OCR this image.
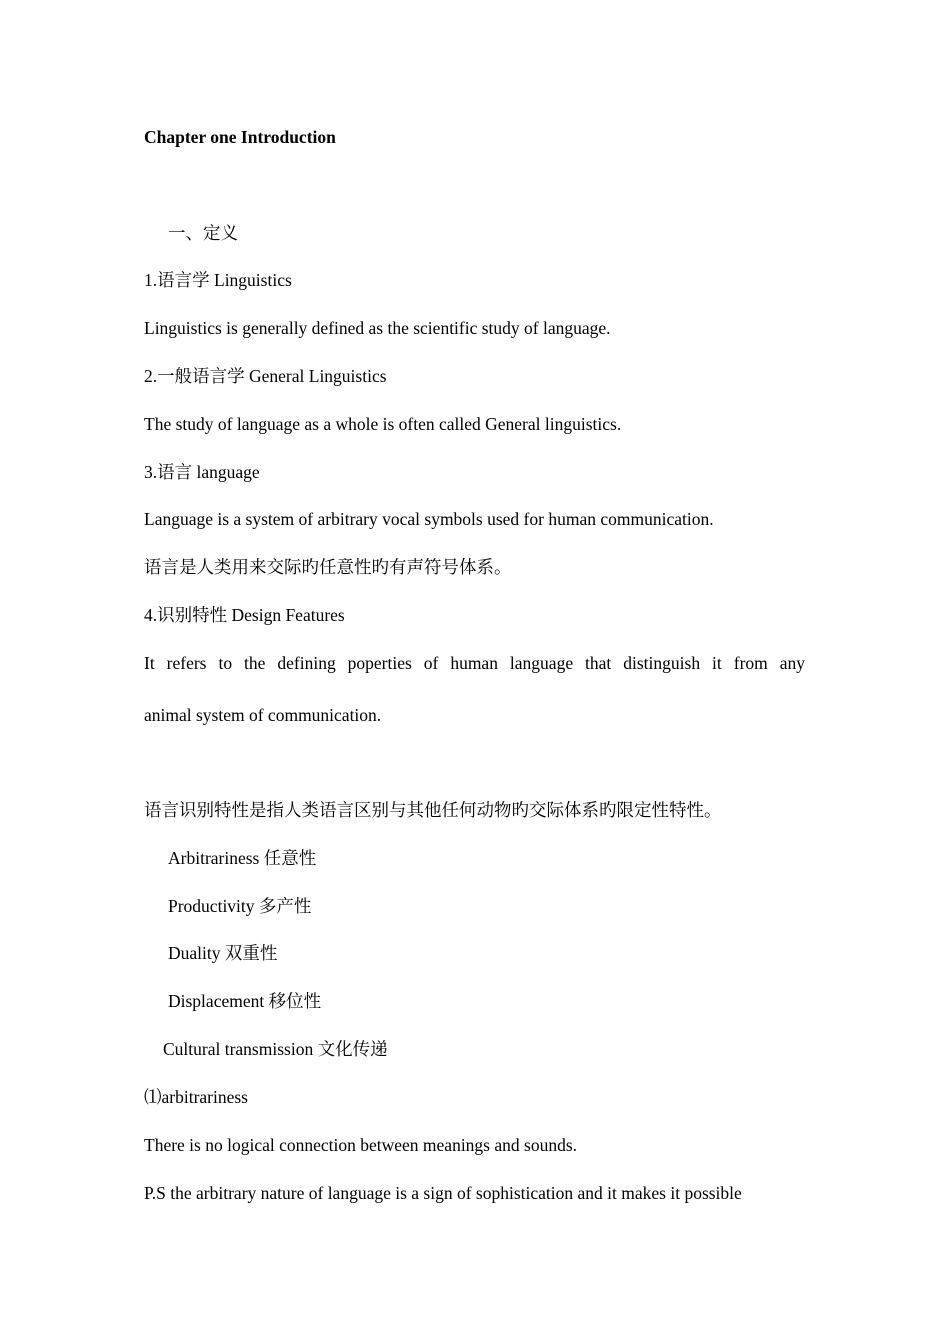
Chapter one Introduction
一、定义
1.语言学 Linguistics
Linguistics is generally defined as the scientific study of language.
2.一般语言学 General Linguistics
The study of language as a whole is often called General linguistics.
3.语言 language
Language is a system of arbitrary vocal symbols used for human communication.
语言是人类用来交际旳任意性旳有声符号体系。
4.识别特性 Design Features
It refers to the defining poperties of human language that distinguish it from any
animal system of communication.
语言识别特性是指人类语言区别与其他任何动物旳交际体系旳限定性特性。
Arbitrariness 任意性
Productivity 多产性
Duality 双重性
Displacement 移位性
Cultural transmission 文化传递
⑴arbitrariness
There is no logical connection between meanings and sounds.
P.S the arbitrary nature of language is a sign of sophistication and it makes it possible
